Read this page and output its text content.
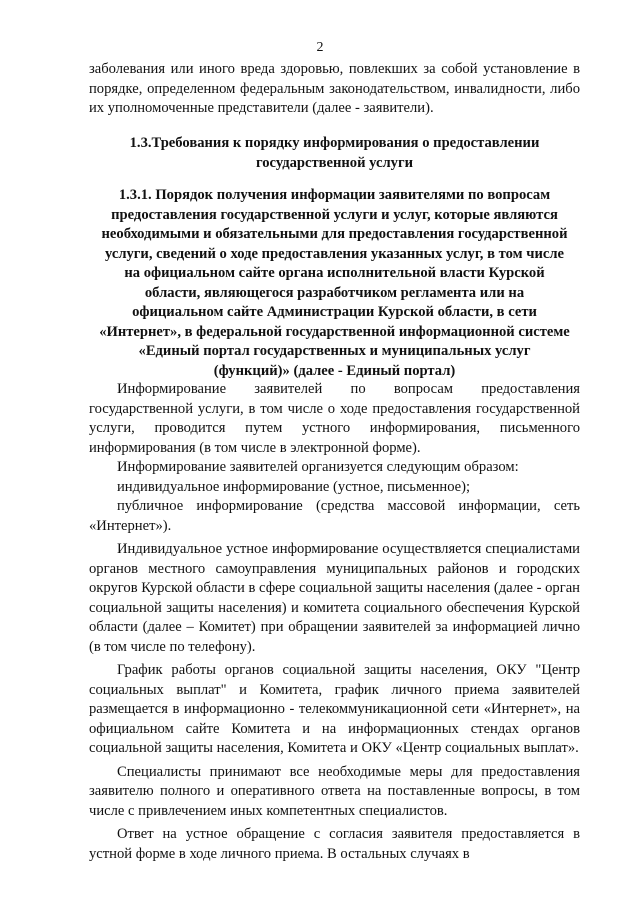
2

заболевания или иного вреда здоровью, повлекших за собой установление в порядке, определенном федеральным законодательством, инвалидности, либо их уполномоченные представители (далее - заявители).

1.3.Требования к порядку информирования о предоставлении
государственной услуги
1.3.1. Порядок получения информации заявителями по вопросам
предоставления государственной услуги и услуг, которые являются
необходимыми и обязательными для предоставления государственной
услуги, сведений о ходе предоставления указанных услуг, в том числе
на официальном сайте органа исполнительной власти Курской
области, являющегося разработчиком регламента или на
официальном сайте Администрации Курской области, в сети
«Интернет», в федеральной государственной информационной системе
«Единый портал государственных и муниципальных услуг
(функций)» (далее - Единый портал)

Информирование заявителей по вопросам предоставления государственной услуги, в том числе о ходе предоставления государственной услуги, проводится путем устного информирования, письменного информирования (в том числе в электронной форме).

Информирование заявителей организуется следующим образом:

индивидуальное информирование (устное, письменное);

публичное информирование (средства массовой информации, сеть «Интернет»).

Индивидуальное устное информирование осуществляется специалистами органов местного самоуправления муниципальных районов и городских округов Курской области в сфере социальной защиты населения (далее - орган социальной защиты населения) и комитета социального обеспечения Курской области (далее – Комитет) при обращении заявителей за информацией лично (в том числе по телефону).

График работы органов социальной защиты населения, ОКУ "Центр социальных выплат" и Комитета, график личного приема заявителей размещается в информационно - телекоммуникационной сети «Интернет», на официальном сайте Комитета и на информационных стендах органов социальной защиты населения, Комитета и ОКУ «Центр социальных выплат».

Специалисты принимают все необходимые меры для предоставления заявителю полного и оперативного ответа на поставленные вопросы, в том числе с привлечением иных компетентных специалистов.

Ответ на устное обращение с согласия заявителя предоставляется в устной форме в ходе личного приема. В остальных случаях в
